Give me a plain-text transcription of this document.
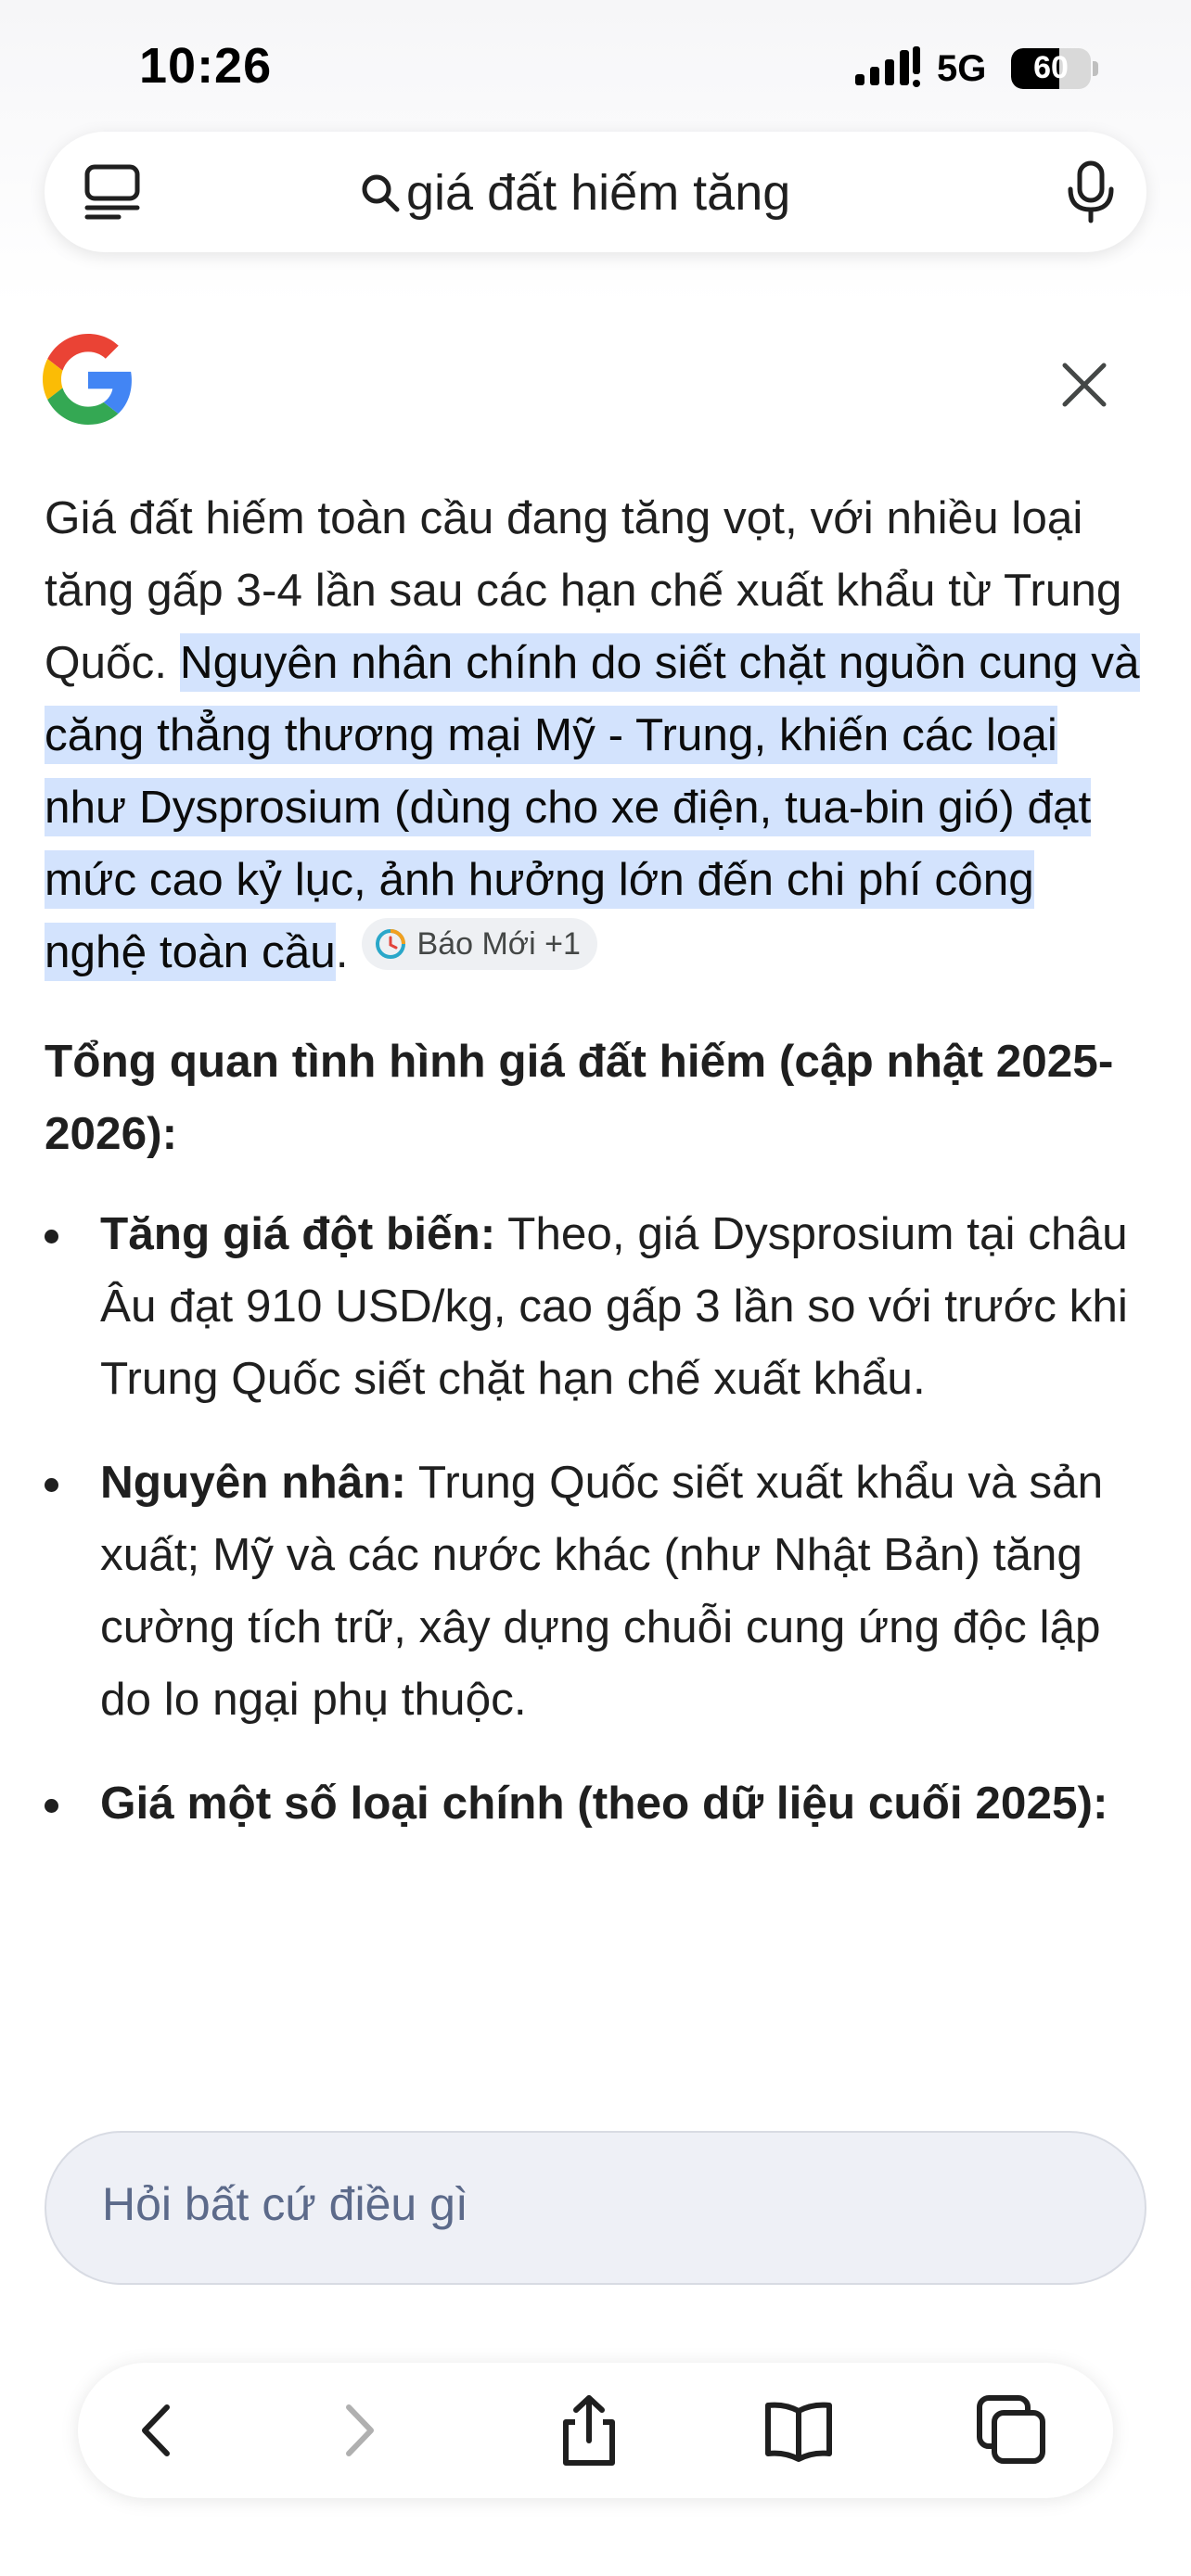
10:26	5G	60
giá đất hiếm tăng

Giá đất hiếm toàn cầu đang tăng vọt, với nhiều loại tăng gấp 3-4 lần sau các hạn chế xuất khẩu từ Trung Quốc. Nguyên nhân chính do siết chặt nguồn cung và căng thẳng thương mại Mỹ - Trung, khiến các loại như Dysprosium (dùng cho xe điện, tua-bin gió) đạt mức cao kỷ lục, ảnh hưởng lớn đến chi phí công nghệ toàn cầu. Báo Mới +1

Tổng quan tình hình giá đất hiếm (cập nhật 2025-2026):
Tăng giá đột biến: Theo, giá Dysprosium tại châu Âu đạt 910 USD/kg, cao gấp 3 lần so với trước khi Trung Quốc siết chặt hạn chế xuất khẩu.
Nguyên nhân: Trung Quốc siết xuất khẩu và sản xuất; Mỹ và các nước khác (như Nhật Bản) tăng cường tích trữ, xây dựng chuỗi cung ứng độc lập do lo ngại phụ thuộc.
Giá một số loại chính (theo dữ liệu cuối 2025):
Hỏi bất cứ điều gì
